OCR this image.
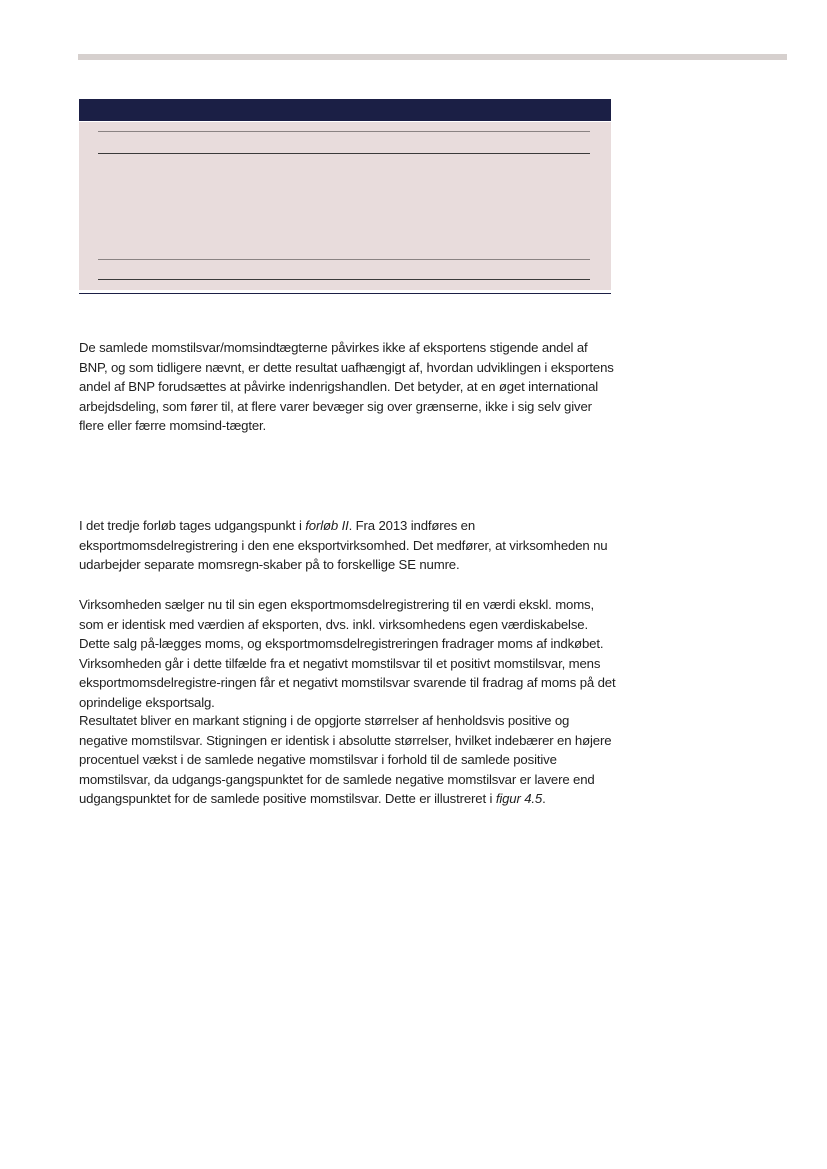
De samlede momstilsvar/momsindtægterne påvirkes ikke af eksportens stigende andel af BNP, og som tidligere nævnt, er dette resultat uafhængigt af, hvordan udviklingen i eksportens andel af BNP forudsættes at påvirke indenrigshandlen. Det betyder, at en øget international arbejdsdeling, som fører til, at flere varer bevæger sig over grænserne, ikke i sig selv giver flere eller færre momsind-tægter.

I det tredje forløb tages udgangspunkt i forløb II. Fra 2013 indføres en eksportmomsdelregistrering i den ene eksportvirksomhed. Det medfører, at virksomheden nu udarbejder separate momsregn-skaber på to forskellige SE numre.

Virksomheden sælger nu til sin egen eksportmomsdelregistrering til en værdi ekskl. moms, som er identisk med værdien af eksporten, dvs. inkl. virksomhedens egen værdiskabelse. Dette salg på-lægges moms, og eksportmomsdelregistreringen fradrager moms af indkøbet. Virksomheden går i dette tilfælde fra et negativt momstilsvar til et positivt momstilsvar, mens eksportmomsdelregistre-ringen får et negativt momstilsvar svarende til fradrag af moms på det oprindelige eksportsalg.

Resultatet bliver en markant stigning i de opgjorte størrelser af henholdsvis positive og negative momstilsvar. Stigningen er identisk i absolutte størrelser, hvilket indebærer en højere procentuel vækst i de samlede negative momstilsvar i forhold til de samlede positive momstilsvar, da udgangs-gangspunktet for de samlede negative momstilsvar er lavere end udgangspunktet for de samlede positive momstilsvar. Dette er illustreret i figur 4.5.
